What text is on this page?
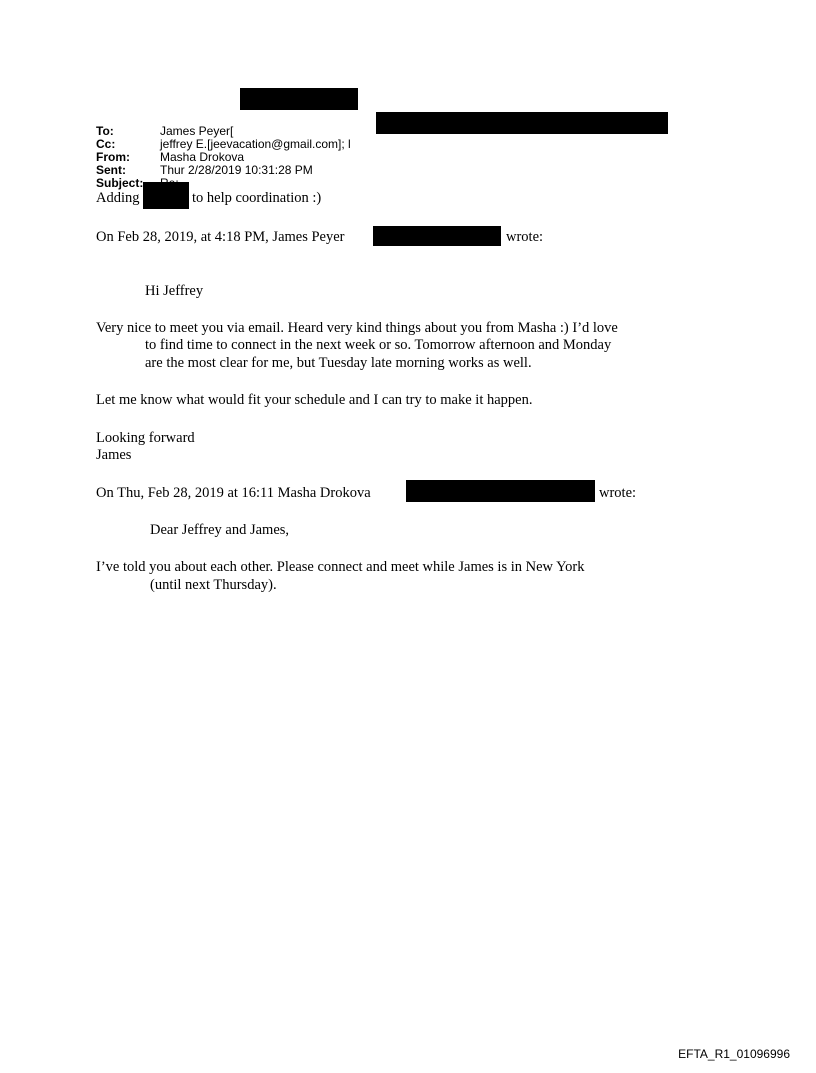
To:	James Peyer[
Cc:	jeffrey E.[jeevacation@gmail.com]; l
From:	Masha Drokova
Sent:	Thur 2/28/2019 10:31:28 PM
Subject:
Adding	to help coordination :)
On Feb 28, 2019, at 4:18 PM, James Peyer	wrote:
Hi Jeffrey
Very nice to meet you via email. Heard very kind things about you from Masha :) I’d love
to find time to connect in the next week or so. Tomorrow afternoon and Monday
are the most clear for me, but Tuesday late morning works as well.
Let me know what would fit your schedule and I can try to make it happen.
Looking forward
James
On Thu, Feb 28, 2019 at 16:11 Masha Drokova	wrote:
Dear Jeffrey and James,
I’ve told you about each other. Please connect and meet while James is in New York
(until next Thursday).
EFTA_R1_01096996
